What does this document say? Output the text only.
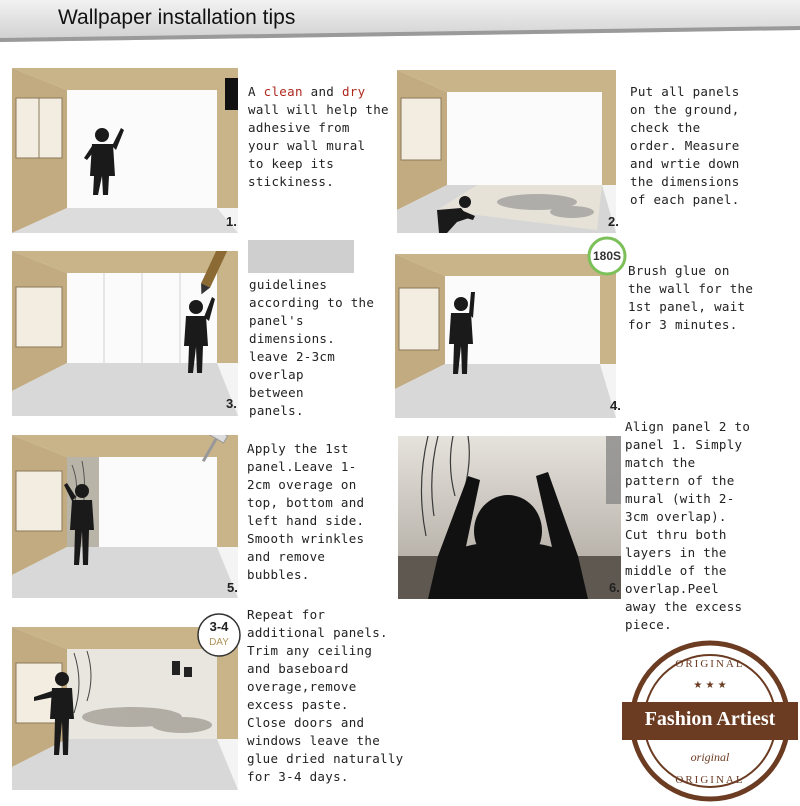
Wallpaper installation tips
1.
A clean and dry
wall will help the
adhesive from
your wall mural
to keep its
stickiness.
2.
Put all panels
on the ground,
check the
order. Measure
and wrtie down
the dimensions
of each panel.
3.
guidelines
according to the
panel's
dimensions.
leave 2-3cm
overlap
between
panels.
180S
4.
Brush glue on
the wall for the
1st panel, wait
for 3 minutes.
5.
Apply the 1st
panel.Leave 1-
2cm overage on
top, bottom and
left hand side.
Smooth wrinkles
and remove
bubbles.
6.
Align panel 2 to
panel 1. Simply
match the
pattern of the
mural (with 2-
3cm overlap).
Cut thru both
layers in the
middle of the
overlap.Peel
away the excess
piece.
3-4
DAY
Repeat for
additional panels.
Trim any ceiling
and baseboard
overage,remove
excess paste.
Close doors and
windows leave the
glue dried naturally
for 3-4 days.
ORIGINAL
★ ★ ★
Fashion Artiest
original
ORIGINAL
